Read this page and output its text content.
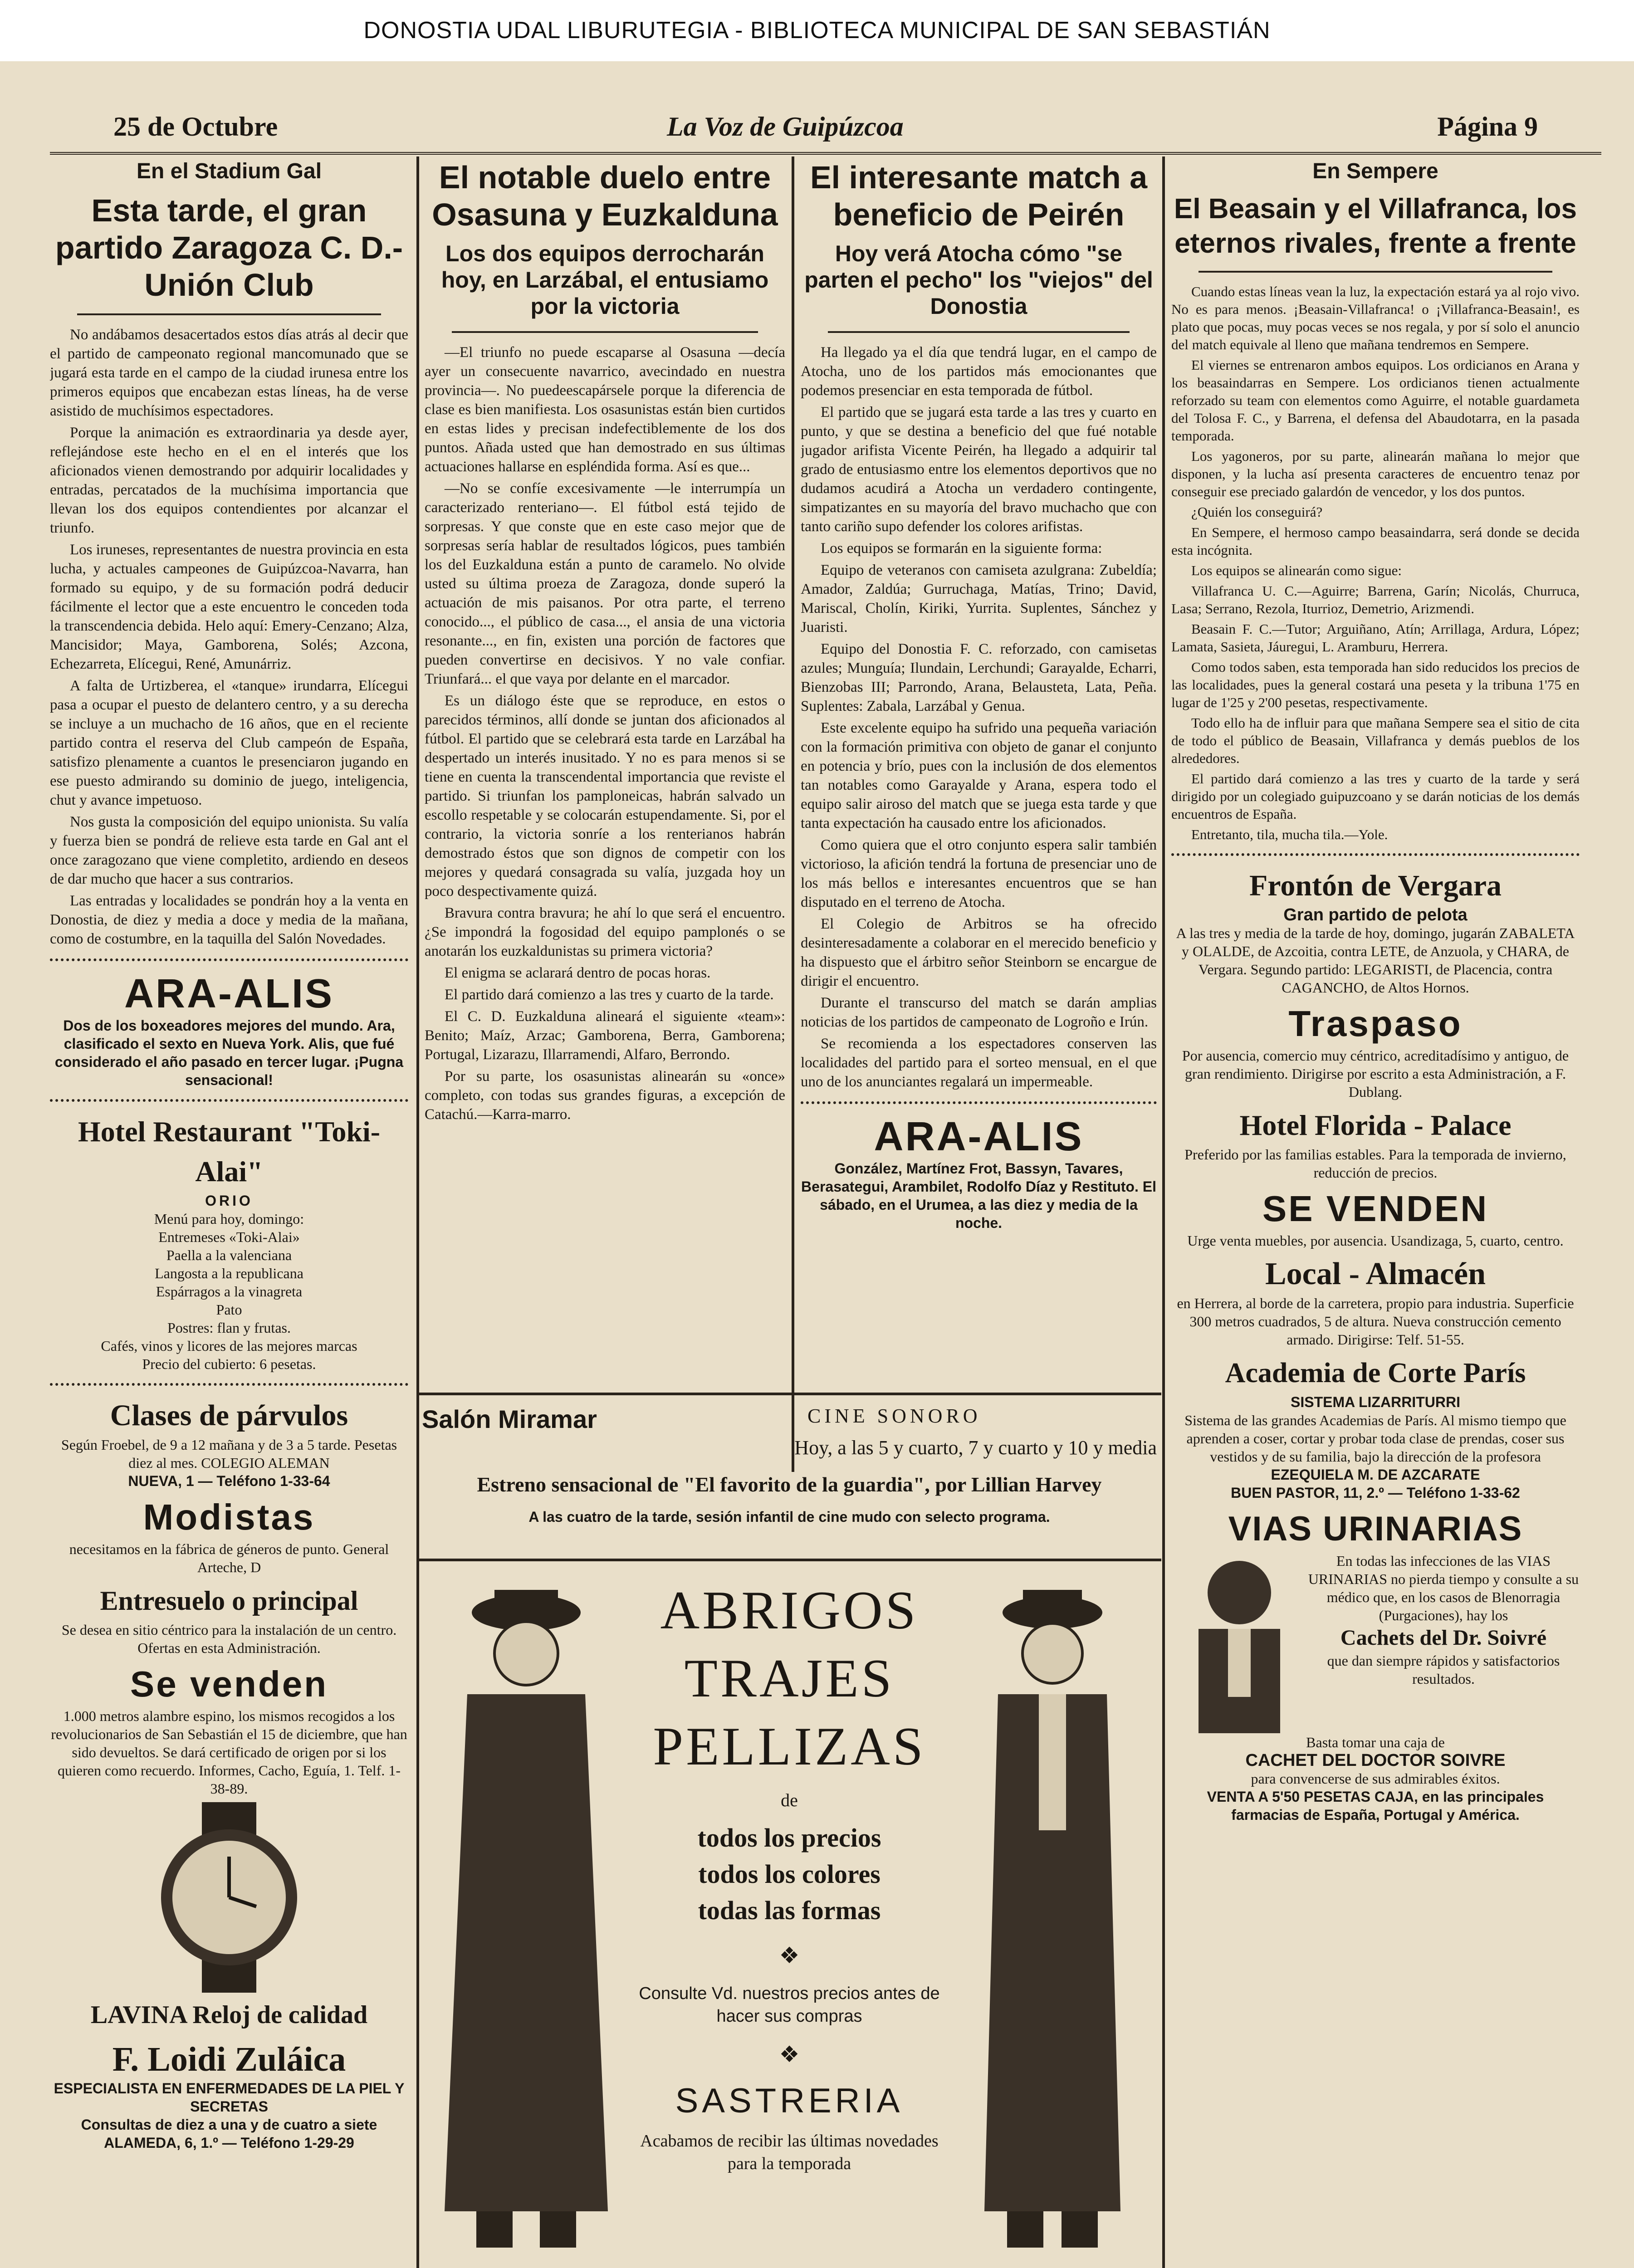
DONOSTIA UDAL LIBURUTEGIA - BIBLIOTECA MUNICIPAL DE SAN SEBASTIÁN
25 de Octubre	La Voz de Guipúzcoa	Página 9
En el Stadium Gal
Esta tarde, el gran partido Zaragoza C. D.-Unión Club

No andábamos desacertados estos días atrás al decir que el partido de campeonato regional mancomunado que se jugará esta tarde en el campo de la ciudad irunesa entre los primeros equipos que encabezan estas líneas, ha de verse asistido de muchísimos espectadores.

Porque la animación es extraordinaria ya desde ayer, reflejándose este hecho en el en el interés que los aficionados vienen demostrando por adquirir localidades y entradas, percatados de la muchísima importancia que llevan los dos equipos contendientes por alcanzar el triunfo.

Los iruneses, representantes de nuestra provincia en esta lucha, y actuales campeones de Guipúzcoa-Navarra, han formado su equipo, y de su formación podrá deducir fácilmente el lector que a este encuentro le conceden toda la transcendencia debida. Helo aquí: Emery-Cenzano; Alza, Mancisidor; Maya, Gamborena, Solés; Azcona, Echezarreta, Elícegui, René, Amunárriz.

A falta de Urtizberea, el «tanque» irundarra, Elícegui pasa a ocupar el puesto de delantero centro, y a su derecha se incluye a un muchacho de 16 años, que en el reciente partido contra el reserva del Club campeón de España, satisfizo plenamente a cuantos le presenciaron jugando en ese puesto admirando su dominio de juego, inteligencia, chut y avance impetuoso.

Nos gusta la composición del equipo unionista. Su valía y fuerza bien se pondrá de relieve esta tarde en Gal ant el once zaragozano que viene completito, ardiendo en deseos de dar mucho que hacer a sus contrarios.

Las entradas y localidades se pondrán hoy a la venta en Donostia, de diez y media a doce y media de la mañana, como de costumbre, en la taquilla del Salón Novedades.

ARA-ALIS
Dos de los boxeadores mejores del mundo. Ara, clasificado el sexto en Nueva York. Alis, que fué considerado el año pasado en tercer lugar. ¡Pugna sensacional!
Hotel Restaurant "Toki-Alai"
ORIO
Menú para hoy, domingo:
Entremeses «Toki-Alai»
Paella a la valenciana
Langosta a la republicana
Espárragos a la vinagreta
Pato
Postres: flan y frutas.
Cafés, vinos y licores de las mejores marcas
Precio del cubierto: 6 pesetas.
Clases de párvulos
Según Froebel, de 9 a 12 mañana y de 3 a 5 tarde. Pesetas diez al mes. COLEGIO ALEMAN
NUEVA, 1 — Teléfono 1-33-64
Modistas
necesitamos en la fábrica de géneros de punto. General Arteche, D
Entresuelo o principal
Se desea en sitio céntrico para la instalación de un centro. Ofertas en esta Administración.
Se venden
1.000 metros alambre espino, los mismos recogidos a los revolucionarios de San Sebastián el 15 de diciembre, que han sido devueltos. Se dará certificado de origen por si los quieren como recuerdo. Informes, Cacho, Eguía, 1. Telf. 1-38-89.
LAVINA Reloj de calidad
F. Loidi Zuláica
ESPECIALISTA EN ENFERMEDADES DE LA PIEL Y SECRETAS
Consultas de diez a una y de cuatro a siete ALAMEDA, 6, 1.º — Teléfono 1-29-29
El notable duelo entre Osasuna y Euzkalduna
Los dos equipos derrocharán hoy, en Larzábal, el entusiamo por la victoria

—El triunfo no puede escaparse al Osasuna —decía ayer un consecuente navarrico, avecindado en nuestra provincia—. No puedeescapársele porque la diferencia de clase es bien manifiesta. Los osasunistas están bien curtidos en estas lides y precisan indefectiblemente de los dos puntos. Añada usted que han demostrado en sus últimas actuaciones hallarse en espléndida forma. Así es que...

—No se confíe excesivamente —le interrumpía un caracterizado renteriano—. El fútbol está tejido de sorpresas. Y que conste que en este caso mejor que de sorpresas sería hablar de resultados lógicos, pues también los del Euzkalduna están a punto de caramelo. No olvide usted su última proeza de Zaragoza, donde superó la actuación de mis paisanos. Por otra parte, el terreno conocido..., el público de casa..., el ansia de una victoria resonante..., en fin, existen una porción de factores que pueden convertirse en decisivos. Y no vale confiar. Triunfará... el que vaya por delante en el marcador.

Es un diálogo éste que se reproduce, en estos o parecidos términos, allí donde se juntan dos aficionados al fútbol. El partido que se celebrará esta tarde en Larzábal ha despertado un interés inusitado. Y no es para menos si se tiene en cuenta la transcendental importancia que reviste el partido. Si triunfan los pamploneicas, habrán salvado un escollo respetable y se colocarán estupendamente. Si, por el contrario, la victoria sonríe a los renterianos habrán demostrado éstos que son dignos de competir con los mejores y quedará consagrada su valía, juzgada hoy un poco despectivamente quizá.

Bravura contra bravura; he ahí lo que será el encuentro. ¿Se impondrá la fogosidad del equipo pamplonés o se anotarán los euzkaldunistas su primera victoria?

El enigma se aclarará dentro de pocas horas.

El partido dará comienzo a las tres y cuarto de la tarde.

El C. D. Euzkalduna alineará el siguiente «team»: Benito; Maíz, Arzac; Gamborena, Berra, Gamborena; Portugal, Lizarazu, Illarramendi, Alfaro, Berrondo.

Por su parte, los osasunistas alinearán su «once» completo, con todas sus grandes figuras, a excepción de Catachú.—Karra-marro.

El interesante match a beneficio de Peirén
Hoy verá Atocha cómo "se parten el pecho" los "viejos" del Donostia

Ha llegado ya el día que tendrá lugar, en el campo de Atocha, uno de los partidos más emocionantes que podemos presenciar en esta temporada de fútbol.

El partido que se jugará esta tarde a las tres y cuarto en punto, y que se destina a beneficio del que fué notable jugador arifista Vicente Peirén, ha llegado a adquirir tal grado de entusiasmo entre los elementos deportivos que no dudamos acudirá a Atocha un verdadero contingente, simpatizantes en su mayoría del bravo muchacho que con tanto cariño supo defender los colores arifistas.

Los equipos se formarán en la siguiente forma:

Equipo de veteranos con camiseta azulgrana: Zubeldía; Amador, Zaldúa; Gurruchaga, Matías, Trino; David, Mariscal, Cholín, Kiriki, Yurrita. Suplentes, Sánchez y Juaristi.

Equipo del Donostia F. C. reforzado, con camisetas azules; Munguía; Ilundain, Lerchundi; Garayalde, Echarri, Bienzobas III; Parrondo, Arana, Belausteta, Lata, Peña. Suplentes: Zabala, Larzábal y Genua.

Este excelente equipo ha sufrido una pequeña variación con la formación primitiva con objeto de ganar el conjunto en potencia y brío, pues con la inclusión de dos elementos tan notables como Garayalde y Arana, espera todo el equipo salir airoso del match que se juega esta tarde y que tanta expectación ha causado entre los aficionados.

Como quiera que el otro conjunto espera salir también victorioso, la afición tendrá la fortuna de presenciar uno de los más bellos e interesantes encuentros que se han disputado en el terreno de Atocha.

El Colegio de Arbitros se ha ofrecido desinteresadamente a colaborar en el merecido beneficio y ha dispuesto que el árbitro señor Steinborn se encargue de dirigir el encuentro.

Durante el transcurso del match se darán amplias noticias de los partidos de campeonato de Logroño e Irún.

Se recomienda a los espectadores conserven las localidades del partido para el sorteo mensual, en el que uno de los anunciantes regalará un impermeable.

ARA-ALIS
González, Martínez Frot, Bassyn, Tavares, Berasategui, Arambilet, Rodolfo Díaz y Restituto. El sábado, en el Urumea, a las diez y media de la noche.
En Sempere
El Beasain y el Villafranca, los eternos rivales, frente a frente

Cuando estas líneas vean la luz, la expectación estará ya al rojo vivo. No es para menos. ¡Beasain-Villafranca! o ¡Villafranca-Beasain!, es plato que pocas, muy pocas veces se nos regala, y por sí solo el anuncio del match equivale al lleno que mañana tendremos en Sempere.

El viernes se entrenaron ambos equipos. Los ordicianos en Arana y los beasaindarras en Sempere. Los ordicianos tienen actualmente reforzado su team con elementos como Aguirre, el notable guardameta del Tolosa F. C., y Barrena, el defensa del Abaudotarra, en la pasada temporada.

Los yagoneros, por su parte, alinearán mañana lo mejor que disponen, y la lucha así presenta caracteres de encuentro tenaz por conseguir ese preciado galardón de vencedor, y los dos puntos.

¿Quién los conseguirá?

En Sempere, el hermoso campo beasaindarra, será donde se decida esta incógnita.

Los equipos se alinearán como sigue:

Villafranca U. C.—Aguirre; Barrena, Garín; Nicolás, Churruca, Lasa; Serrano, Rezola, Iturrioz, Demetrio, Arizmendi.

Beasain F. C.—Tutor; Arguiñano, Atín; Arrillaga, Ardura, López; Lamata, Sasieta, Jáuregui, L. Aramburu, Herrera.

Como todos saben, esta temporada han sido reducidos los precios de las localidades, pues la general costará una peseta y la tribuna 1'75 en lugar de 1'25 y 2'00 pesetas, respectivamente.

Todo ello ha de influir para que mañana Sempere sea el sitio de cita de todo el público de Beasain, Villafranca y demás pueblos de los alrededores.

El partido dará comienzo a las tres y cuarto de la tarde y será dirigido por un colegiado guipuzcoano y se darán noticias de los demás encuentros de España.

Entretanto, tila, mucha tila.—Yole.

Frontón de Vergara
Gran partido de pelota
A las tres y media de la tarde de hoy, domingo, jugarán ZABALETA y OLALDE, de Azcoitia, contra LETE, de Anzuola, y CHARA, de Vergara. Segundo partido: LEGARISTI, de Placencia, contra CAGANCHO, de Altos Hornos.
Traspaso
Por ausencia, comercio muy céntrico, acreditadísimo y antiguo, de gran rendimiento. Dirigirse por escrito a esta Administración, a F. Dublang.
Hotel Florida - Palace
Preferido por las familias estables. Para la temporada de invierno, reducción de precios.
SE VENDEN
Urge venta muebles, por ausencia. Usandizaga, 5, cuarto, centro.
Local - Almacén
en Herrera, al borde de la carretera, propio para industria. Superficie 300 metros cuadrados, 5 de altura. Nueva construcción cemento armado. Dirigirse: Telf. 51-55.
Academia de Corte París
SISTEMA LIZARRITURRI
Sistema de las grandes Academias de París. Al mismo tiempo que aprenden a coser, cortar y probar toda clase de prendas, coser sus vestidos y de su familia, bajo la dirección de la profesora
EZEQUIELA M. DE AZCARATE
BUEN PASTOR, 11, 2.º — Teléfono 1-33-62
VIAS URINARIAS
En todas las infecciones de las VIAS URINARIAS no pierda tiempo y consulte a su médico que, en los casos de Blenorragia (Purgaciones), hay los
Cachets del Dr. Soivré
que dan siempre rápidos y satisfactorios resultados.
Basta tomar una caja de
CACHET DEL DOCTOR SOIVRE
para convencerse de sus admirables éxitos.
VENTA A 5'50 PESETAS CAJA, en las principales farmacias de España, Portugal y América.
Salón Miramar	CINE SONORO
Hoy, a las 5 y cuarto, 7 y cuarto y 10 y media
Estreno sensacional de "El favorito de la guardia", por Lillian Harvey
A las cuatro de la tarde, sesión infantil de cine mudo con selecto programa.
ABRIGOS
TRAJES
PELLIZAS
de
todos los precios
todos los colores
todas las formas
❖
Consulte Vd. nuestros precios antes de hacer sus compras
❖
SASTRERIA
Acabamos de recibir las últimas novedades para la temporada
